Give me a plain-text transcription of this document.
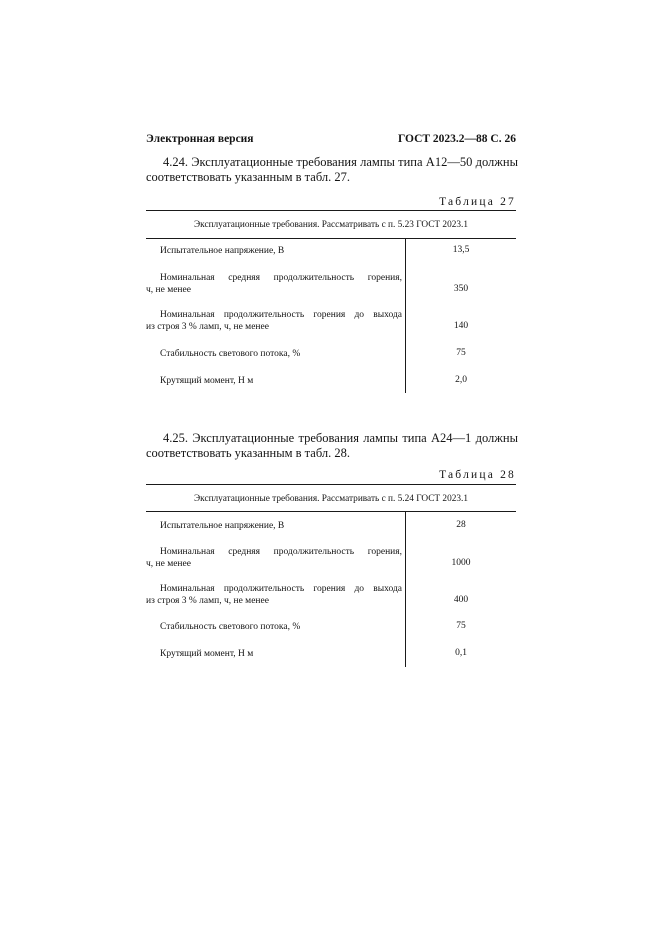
Электронная версия	ГОСТ 2023.2—88 С. 26
4.24. Эксплуатационные требования лампы типа А12—50 должны
соответствовать указанным в табл. 27.
Таблица 27
Эксплуатационные требования. Рассматривать с п. 5.23 ГОСТ 2023.1
Испытательное напряжение, В	13,5
Номинальная средняя продолжительность горения,
ч, не менее	350
Номинальная продолжительность горения до выхода
из строя 3 % ламп, ч, не менее	140
Стабильность светового потока, %	75
Крутящий момент, Н м	2,0
4.25. Эксплуатационные требования лампы типа А24—1 должны
соответствовать указанным в табл. 28.
Таблица 28
Эксплуатационные требования. Рассматривать с п. 5.24 ГОСТ 2023.1
Испытательное напряжение, В	28
Номинальная средняя продолжительность горения,
ч, не менее	1000
Номинальная продолжительность горения до выхода
из строя 3 % ламп, ч, не менее	400
Стабильность светового потока, %	75
Крутящий момент, Н м	0,1
